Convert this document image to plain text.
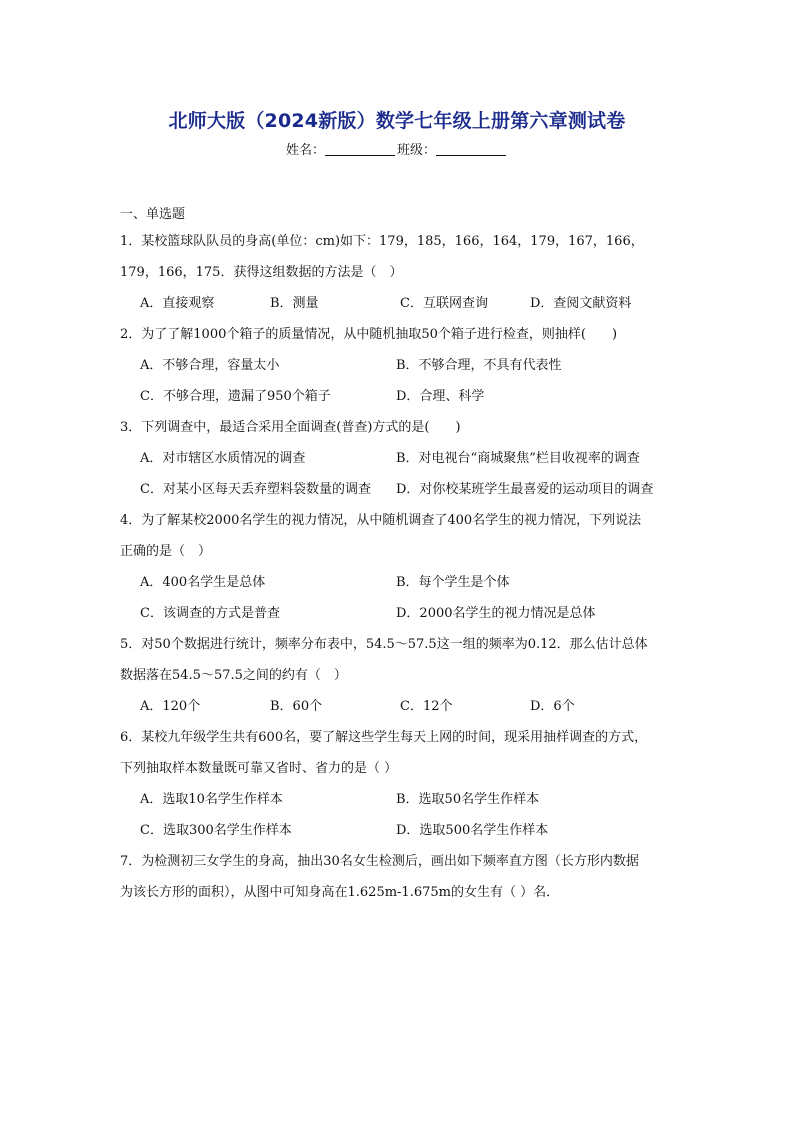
北师大版（2024新版）数学七年级上册第六章测试卷
姓名：	班级：
一、单选题

1．某校篮球队队员的身高(单位：cm)如下：179，185，166，164，179，167，166，

179，166，175．获得这组数据的方法是（　）

A．直接观察	B．测量	C．互联网查询	D．查阅文献资料

2．为了了解1000个箱子的质量情况，从中随机抽取50个箱子进行检查，则抽样(　　)

A．不够合理，容量太小	B．不够合理，不具有代表性
C．不够合理，遗漏了950个箱子	D．合理、科学

3．下列调查中，最适合采用全面调查(普查)方式的是(　　)

A．对市辖区水质情况的调查	B．对电视台“商城聚焦”栏目收视率的调查
C．对某小区每天丢弃塑料袋数量的调查	D．对你校某班学生最喜爱的运动项目的调查

4．为了解某校2000名学生的视力情况，从中随机调查了400名学生的视力情况，下列说法

正确的是（　）

A．400名学生是总体	B．每个学生是个体
C．该调查的方式是普查	D．2000名学生的视力情况是总体

5．对50个数据进行统计，频率分布表中，54.5～57.5这一组的频率为0.12．那么估计总体

数据落在54.5～57.5之间的约有（　）

A．120个	B．60个	C．12个	D．6个

6．某校九年级学生共有600名，要了解这些学生每天上网的时间，现采用抽样调查的方式，

下列抽取样本数量既可靠又省时、省力的是（ ）

A．选取10名学生作样本	B．选取50名学生作样本
C．选取300名学生作样本	D．选取500名学生作样本

7．为检测初三女学生的身高，抽出30名女生检测后，画出如下频率直方图（长方形内数据

为该长方形的面积），从图中可知身高在1.625m-1.675m的女生有（ ）名．
